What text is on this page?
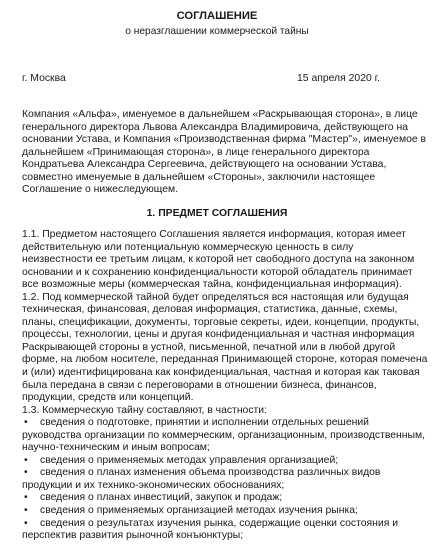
СОГЛАШЕНИЕ
о неразглашении коммерческой тайны
г. Москва	15 апреля 2020 г.
Компания «Альфа», именуемое в дальнейшем «Раскрывающая сторона», в лице
генерального директора Львова Александра Владимировича, действующего на
основании Устава, и Компания «Производственная фирма "Мастер"», именуемое в
дальнейшем «Принимающая сторона», в лице генерального директора
Кондратьева Александра Сергеевича, действующего на основании Устава,
совместно именуемые в дальнейшем «Стороны», заключили настоящее
Соглашение о нижеследующем.
1. ПРЕДМЕТ СОГЛАШЕНИЯ
1.1. Предметом настоящего Соглашения является информация, которая имеет
действительную или потенциальную коммерческую ценность в силу
неизвестности ее третьим лицам, к которой нет свободного доступа на законном
основании и к сохранению конфиденциальности которой обладатель принимает
все возможные меры (коммерческая тайна, конфиденциальная информация).
1.2. Под коммерческой тайной будет определяться вся настоящая или будущая
техническая, финансовая, деловая информация, статистика, данные, схемы,
планы, спецификации, документы, торговые секреты, идеи, концепции, продукты,
процессы, технологии, цены и другая конфиденциальная и частная информация
Раскрывающей стороны в устной, письменной, печатной или в любой другой
форме, на любом носителе, переданная Принимающей стороне, которая помечена
и (или) идентифицирована как конфиденциальная, частная и которая как таковая
была передана в связи с переговорами в отношении бизнеса, финансов,
продукции, средств или концепций.
1.3. Коммерческую тайну составляют, в частности:
• сведения о подготовке, принятии и исполнении отдельных решений
руководства организации по коммерческим, организационным, производственным,
научно-техническим и иным вопросам;
• сведения о применяемых методах управления организацией;
• сведения о планах изменения объема производства различных видов
продукции и их технико-экономических обоснованиях;
• сведения о планах инвестиций, закупок и продаж;
• сведения о применяемых организацией методах изучения рынка;
• сведения о результатах изучения рынка, содержащие оценки состояния и
перспектив развития рыночной конъюнктуры;
